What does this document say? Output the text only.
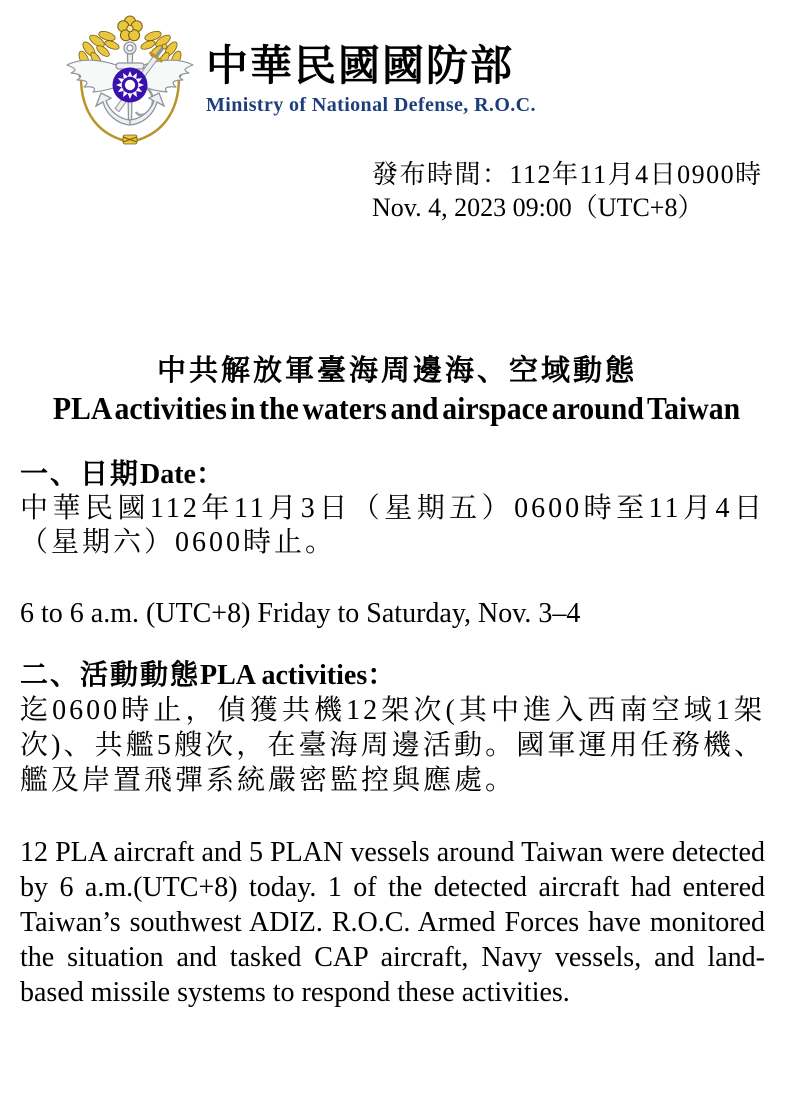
中華民國國防部
Ministry of National Defense, R.O.C.
發布時間：112年11月4日0900時
Nov. 4, 2023 09:00（UTC+8）
中共解放軍臺海周邊海、空域動態
PLA activities in the waters and airspace around Taiwan
一、日期Date：
中華民國112年11月3日（星期五）0600時至11月4日（星期六）0600時止。
6 to 6 a.m. (UTC+8) Friday to Saturday, Nov. 3–4
二、活動動態PLA activities：
迄0600時止，偵獲共機12架次(其中進入西南空域1架次)、共艦5艘次，在臺海周邊活動。國軍運用任務機、艦及岸置飛彈系統嚴密監控與應處。
12 PLA aircraft and 5 PLAN vessels around Taiwan were detected by 6 a.m.(UTC+8) today. 1 of the detected aircraft had entered Taiwan’s southwest ADIZ. R.O.C. Armed Forces have monitored the situation and tasked CAP aircraft, Navy vessels, and land-based missile systems to respond these activities.
